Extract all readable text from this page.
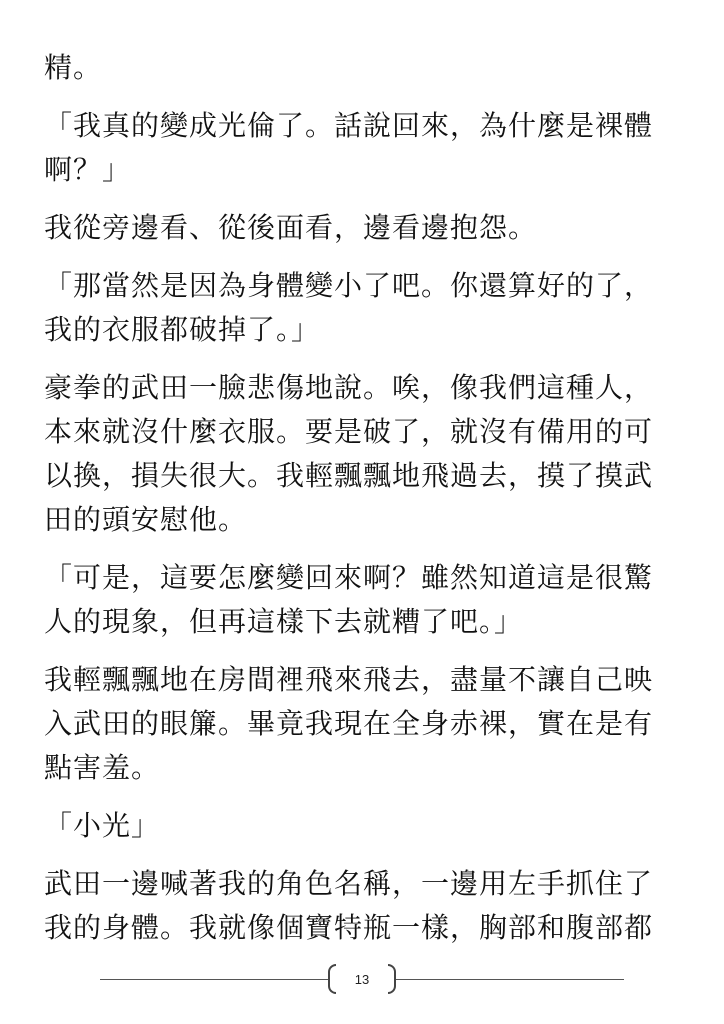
精。

「我真的變成光倫了。話說回來，為什麼是裸體
啊？」

我從旁邊看、從後面看，邊看邊抱怨。

「那當然是因為身體變小了吧。你還算好的了，
我的衣服都破掉了。」

豪拳的武田一臉悲傷地說。唉，像我們這種人，
本來就沒什麼衣服。要是破了，就沒有備用的可
以換，損失很大。我輕飄飄地飛過去，摸了摸武
田的頭安慰他。

「可是，這要怎麼變回來啊？雖然知道這是很驚
人的現象，但再這樣下去就糟了吧。」

我輕飄飄地在房間裡飛來飛去，盡量不讓自己映
入武田的眼簾。畢竟我現在全身赤裸，實在是有
點害羞。

「小光」

武田一邊喊著我的角色名稱，一邊用左手抓住了
我的身體。我就像個寶特瓶一樣，胸部和腹部都

13
